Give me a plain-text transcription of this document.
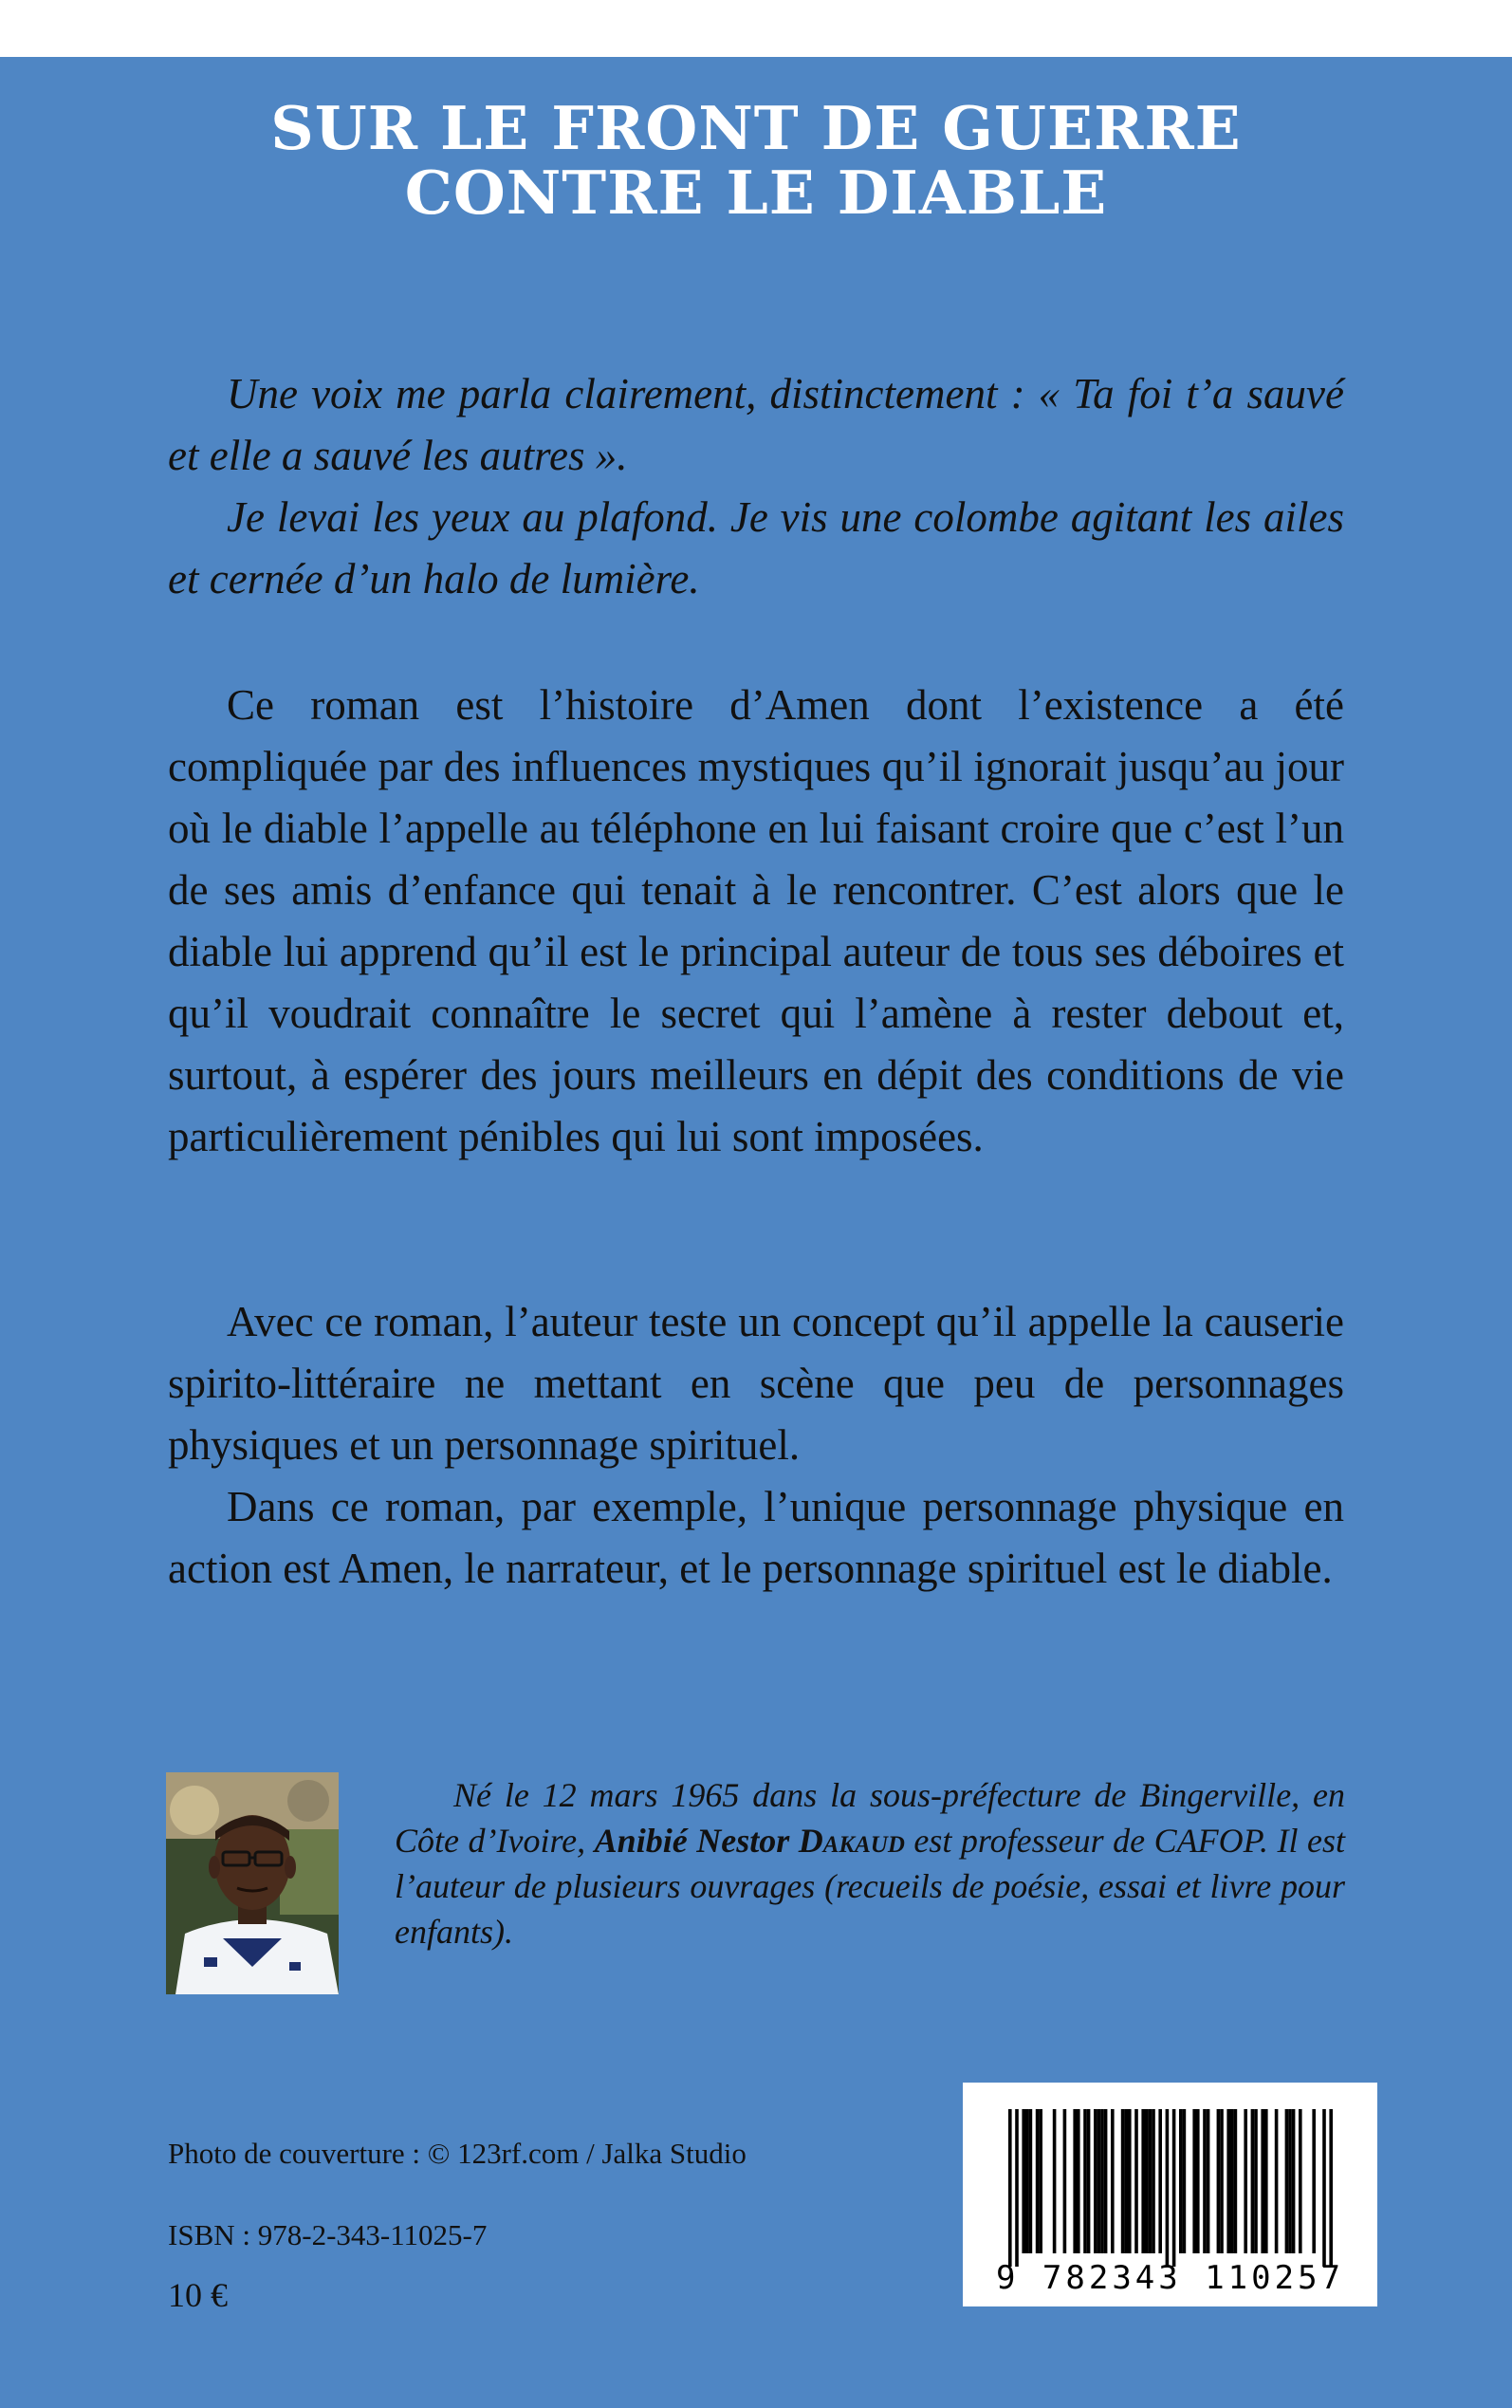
SUR LE FRONT DE GUERRE
CONTRE LE DIABLE

Une voix me parla clairement, distinctement : « Ta foi t’a sauvé et elle a sauvé les autres ».

Je levai les yeux au plafond. Je vis une colombe agitant les ailes et cernée d’un halo de lumière.

Ce roman est l’histoire d’Amen dont l’existence a été compliquée par des influences mystiques qu’il ignorait jusqu’au jour où le diable l’appelle au téléphone en lui faisant croire que c’est l’un de ses amis d’enfance qui tenait à le rencontrer. C’est alors que le diable lui apprend qu’il est le principal auteur de tous ses déboires et qu’il voudrait connaître le secret qui l’amène à rester debout et, surtout, à espérer des jours meilleurs en dépit des conditions de vie particulièrement pénibles qui lui sont imposées.

Avec ce roman, l’auteur teste un concept qu’il appelle la causerie spirito-littéraire ne mettant en scène que peu de personnages physiques et un personnage spirituel.

Dans ce roman, par exemple, l’unique personnage physique en action est Amen, le narrateur, et le personnage spirituel est le diable.

Né le 12 mars 1965 dans la sous-préfecture de Bingerville, en Côte d’Ivoire, Anibié Nestor Dakaud est professeur de CAFOP. Il est l’auteur de plusieurs ouvrages (recueils de poésie, essai et livre pour enfants).

Photo de couverture : © 123rf.com / Jalka Studio
ISBN : 978-2-343-11025-7
10 €	9 782343 110257
